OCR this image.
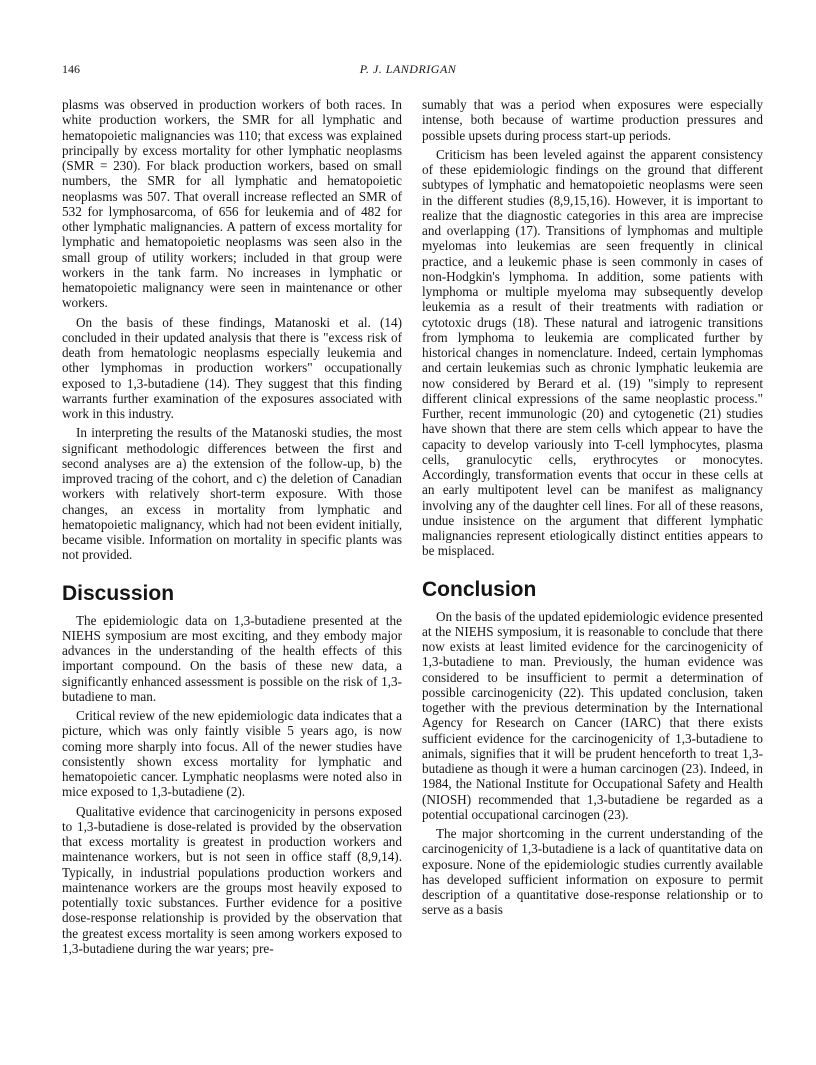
146	P. J. LANDRIGAN

plasms was observed in production workers of both races. In white production workers, the SMR for all lymphatic and hematopoietic malignancies was 110; that excess was explained principally by excess mortality for other lymphatic neoplasms (SMR = 230). For black production workers, based on small numbers, the SMR for all lymphatic and hematopoietic neoplasms was 507. That overall increase reflected an SMR of 532 for lymphosarcoma, of 656 for leukemia and of 482 for other lymphatic malignancies. A pattern of excess mortality for lymphatic and hematopoietic neoplasms was seen also in the small group of utility workers; included in that group were workers in the tank farm. No increases in lymphatic or hematopoietic malignancy were seen in maintenance or other workers.

On the basis of these findings, Matanoski et al. (14) concluded in their updated analysis that there is "excess risk of death from hematologic neoplasms especially leukemia and other lymphomas in production workers" occupationally exposed to 1,3-butadiene (14). They suggest that this finding warrants further examination of the exposures associated with work in this industry.

In interpreting the results of the Matanoski studies, the most significant methodologic differences between the first and second analyses are a) the extension of the follow-up, b) the improved tracing of the cohort, and c) the deletion of Canadian workers with relatively short-term exposure. With those changes, an excess in mortality from lymphatic and hematopoietic malignancy, which had not been evident initially, became visible. Information on mortality in specific plants was not provided.

Discussion

The epidemiologic data on 1,3-butadiene presented at the NIEHS symposium are most exciting, and they embody major advances in the understanding of the health effects of this important compound. On the basis of these new data, a significantly enhanced assessment is possible on the risk of 1,3-butadiene to man.

Critical review of the new epidemiologic data indicates that a picture, which was only faintly visible 5 years ago, is now coming more sharply into focus. All of the newer studies have consistently shown excess mortality for lymphatic and hematopoietic cancer. Lymphatic neoplasms were noted also in mice exposed to 1,3-butadiene (2).

Qualitative evidence that carcinogenicity in persons exposed to 1,3-butadiene is dose-related is provided by the observation that excess mortality is greatest in production workers and maintenance workers, but is not seen in office staff (8,9,14). Typically, in industrial populations production workers and maintenance workers are the groups most heavily exposed to potentially toxic substances. Further evidence for a positive dose-response relationship is provided by the observation that the greatest excess mortality is seen among workers exposed to 1,3-butadiene during the war years; pre-

sumably that was a period when exposures were especially intense, both because of wartime production pressures and possible upsets during process start-up periods.

Criticism has been leveled against the apparent consistency of these epidemiologic findings on the ground that different subtypes of lymphatic and hematopoietic neoplasms were seen in the different studies (8,9,15,16). However, it is important to realize that the diagnostic categories in this area are imprecise and overlapping (17). Transitions of lymphomas and multiple myelomas into leukemias are seen frequently in clinical practice, and a leukemic phase is seen commonly in cases of non-Hodgkin's lymphoma. In addition, some patients with lymphoma or multiple myeloma may subsequently develop leukemia as a result of their treatments with radiation or cytotoxic drugs (18). These natural and iatrogenic transitions from lymphoma to leukemia are complicated further by historical changes in nomenclature. Indeed, certain lymphomas and certain leukemias such as chronic lymphatic leukemia are now considered by Berard et al. (19) "simply to represent different clinical expressions of the same neoplastic process." Further, recent immunologic (20) and cytogenetic (21) studies have shown that there are stem cells which appear to have the capacity to develop variously into T-cell lymphocytes, plasma cells, granulocytic cells, erythrocytes or monocytes. Accordingly, transformation events that occur in these cells at an early multipotent level can be manifest as malignancy involving any of the daughter cell lines. For all of these reasons, undue insistence on the argument that different lymphatic malignancies represent etiologically distinct entities appears to be misplaced.

Conclusion

On the basis of the updated epidemiologic evidence presented at the NIEHS symposium, it is reasonable to conclude that there now exists at least limited evidence for the carcinogenicity of 1,3-butadiene to man. Previously, the human evidence was considered to be insufficient to permit a determination of possible carcinogenicity (22). This updated conclusion, taken together with the previous determination by the International Agency for Research on Cancer (IARC) that there exists sufficient evidence for the carcinogenicity of 1,3-butadiene to animals, signifies that it will be prudent henceforth to treat 1,3-butadiene as though it were a human carcinogen (23). Indeed, in 1984, the National Institute for Occupational Safety and Health (NIOSH) recommended that 1,3-butadiene be regarded as a potential occupational carcinogen (23).

The major shortcoming in the current understanding of the carcinogenicity of 1,3-butadiene is a lack of quantitative data on exposure. None of the epidemiologic studies currently available has developed sufficient information on exposure to permit description of a quantitative dose-response relationship or to serve as a basis
